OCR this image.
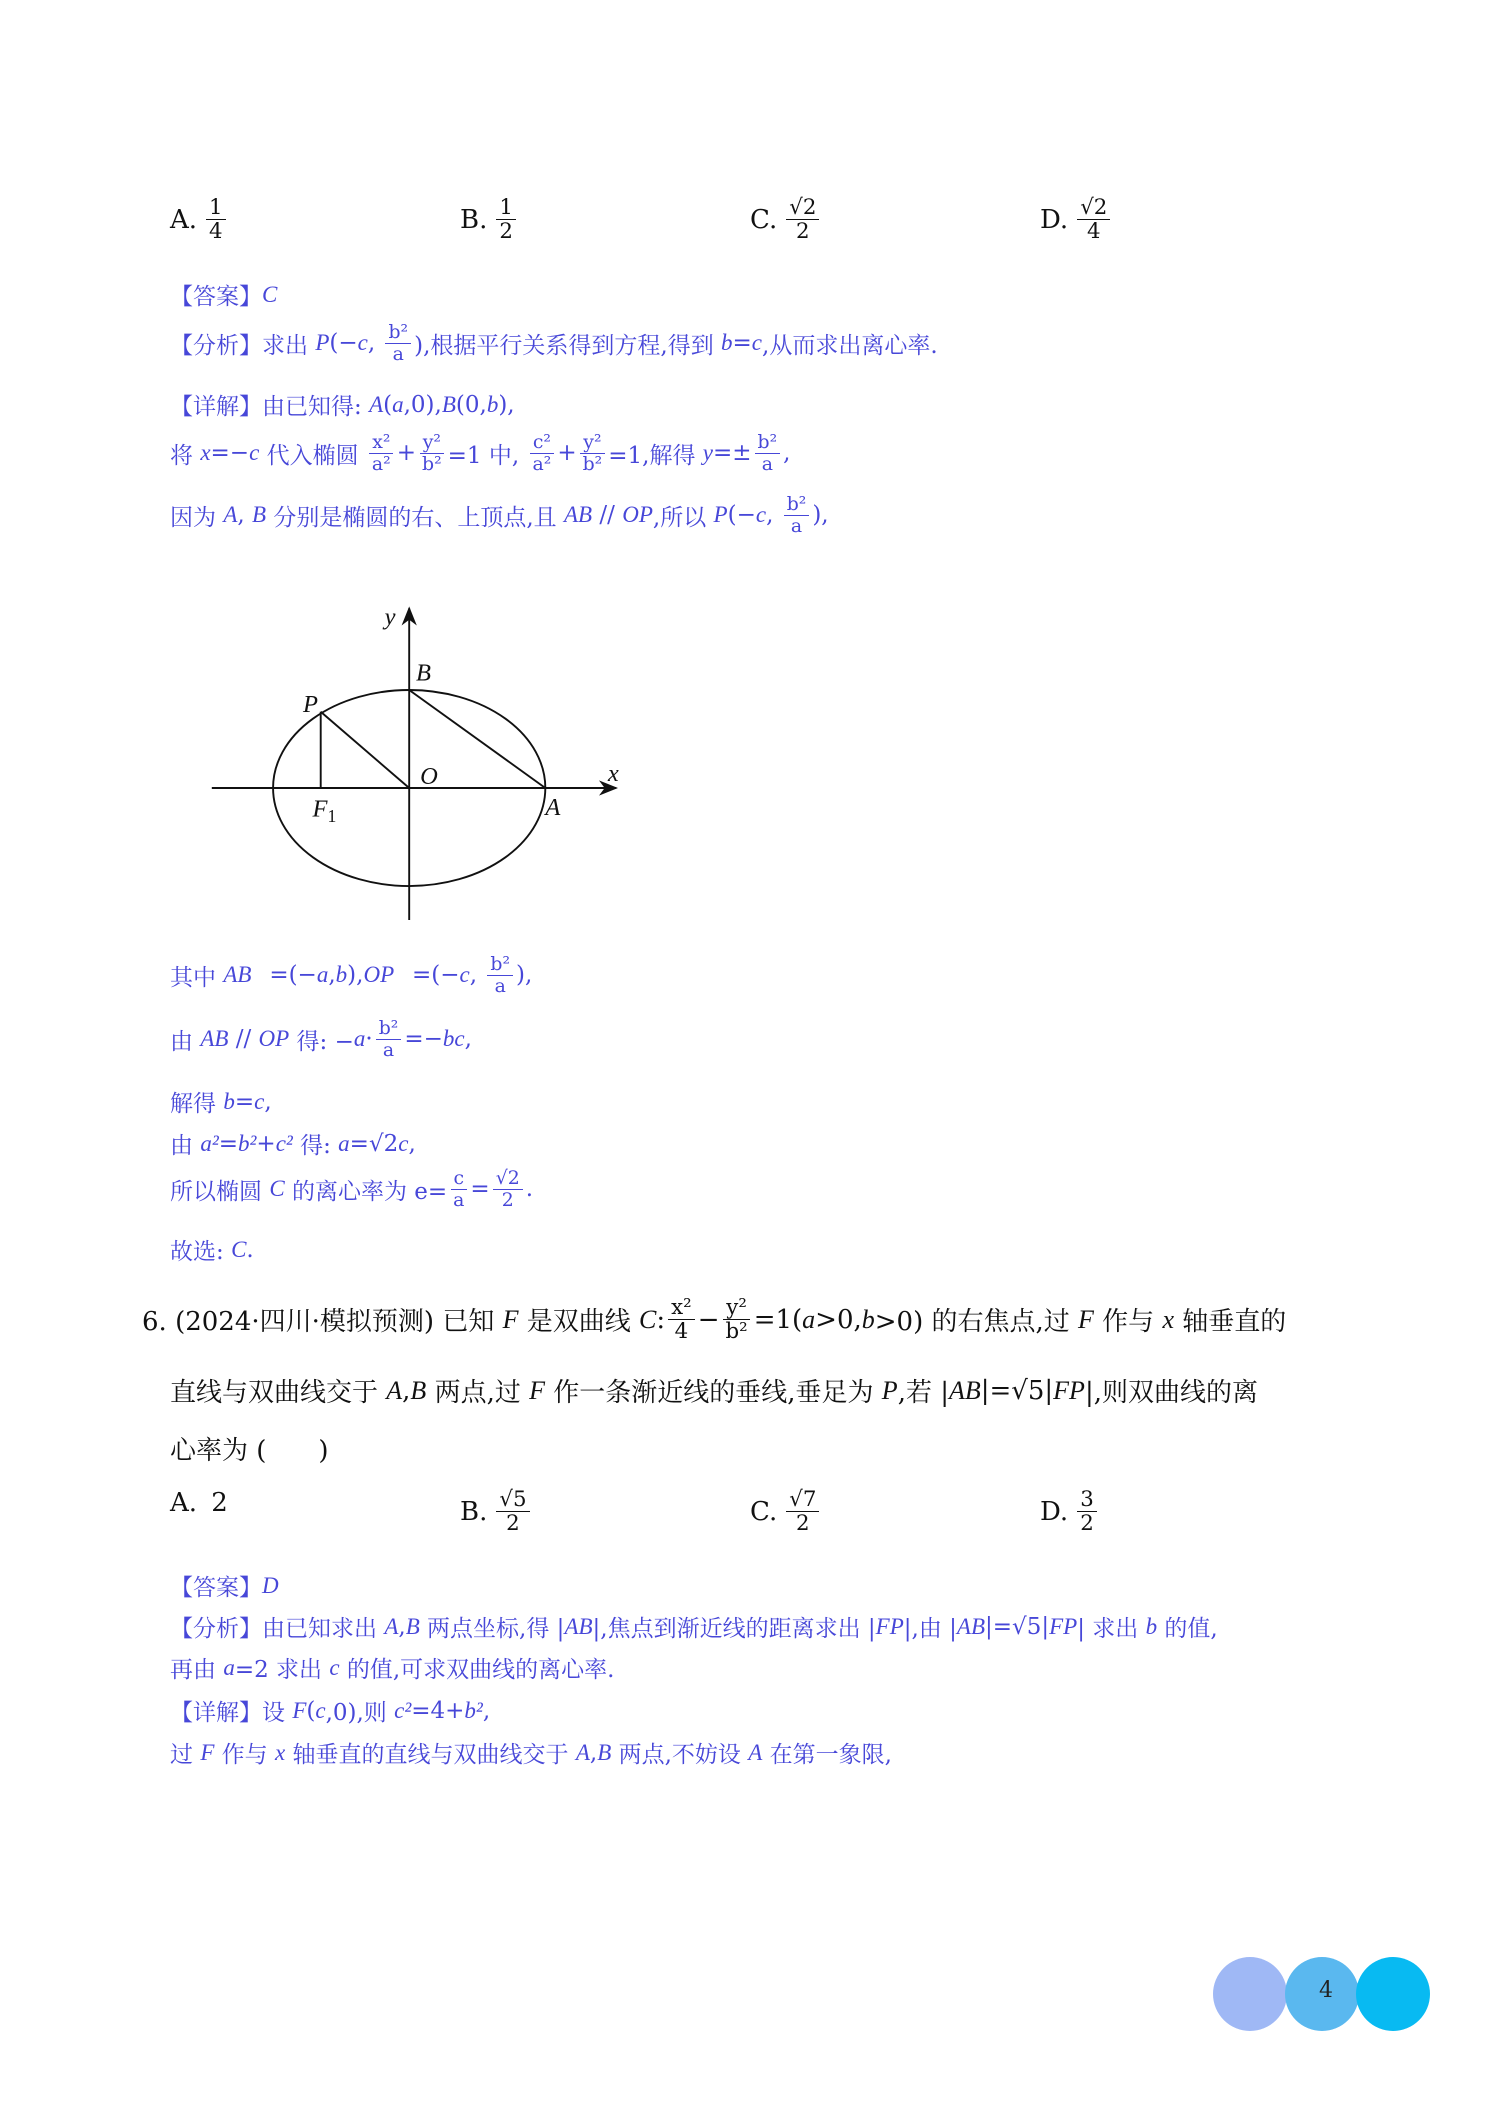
A. $\frac{1}{4}$	B. $\frac{1}{2}$	C. $\frac{√2}{2}$	D. $\frac{√2}{4}$
【答案】 C
【分析】求出 P (− c , $\frac{\text{b²}}{a}$ ),根据平行关系得到方程,得到 b = c ,从而求出离心率.
【详解】由已知得: A ( a ,0), B (0, b ),
将 x =− c 代入椭圆 $\frac{\text{x²}}{\text{a²}} + \frac{\text{y²}}{\text{b²}} =1$ 中, $\frac{\text{c²}}{\text{a²}} + \frac{\text{y²}}{\text{b²}} =1$,解得 $y =\pm \frac{\text{b²}}{a}$ ,
因为 A , B 分别是椭圆的右、上顶点,且 AB // OP ,所以 P (− c , $\frac{\text{b²}}{a}$ ),
y
x
B
P
O
A
$F_1$
其中 AB⃗ =(− a , b ), OP⃗ =(− c , $\frac{\text{b²}}{a}$ ),
由 AB // OP 得: − $a \cdot \frac{\text{b²}}{a}$ =− bc ,
解得 b = c ,
由 a² = b² + c² 得: a =√2 c ,
所以椭圆 C 的离心率为 $e= \frac{c}{a} = \frac{√2}{2}$ .
故选: C .
6. (2024·四川·模拟预测) 已知 F 是双曲线 C : $\frac{\text{x²}}{4} - \frac{\text{y²}}{\text{b²}} =1$( a >0, b >0) 的右焦点,过 F 作与 x 轴垂直的
直线与双曲线交于 A , B 两点,过 F 作一条渐近线的垂线,垂足为 P ,若 | AB |=√5| FP |,则双曲线的离
心率为 (　　)
A. 2	B. $\frac{√5}{2}$	C. $\frac{√7}{2}$	D. $\frac{3}{2}$
【答案】 D
【分析】由已知求出 A , B 两点坐标,得 | AB |,焦点到渐近线的距离求出 | FP |,由 | AB |=√5| FP | 求出 b 的值,
再由 a =2 求出 c 的值,可求双曲线的离心率.
【详解】设 F ( c ,0),则 c² =4+ b² ,
过 F 作与 x 轴垂直的直线与双曲线交于 A , B 两点,不妨设 A 在第一象限,
4
